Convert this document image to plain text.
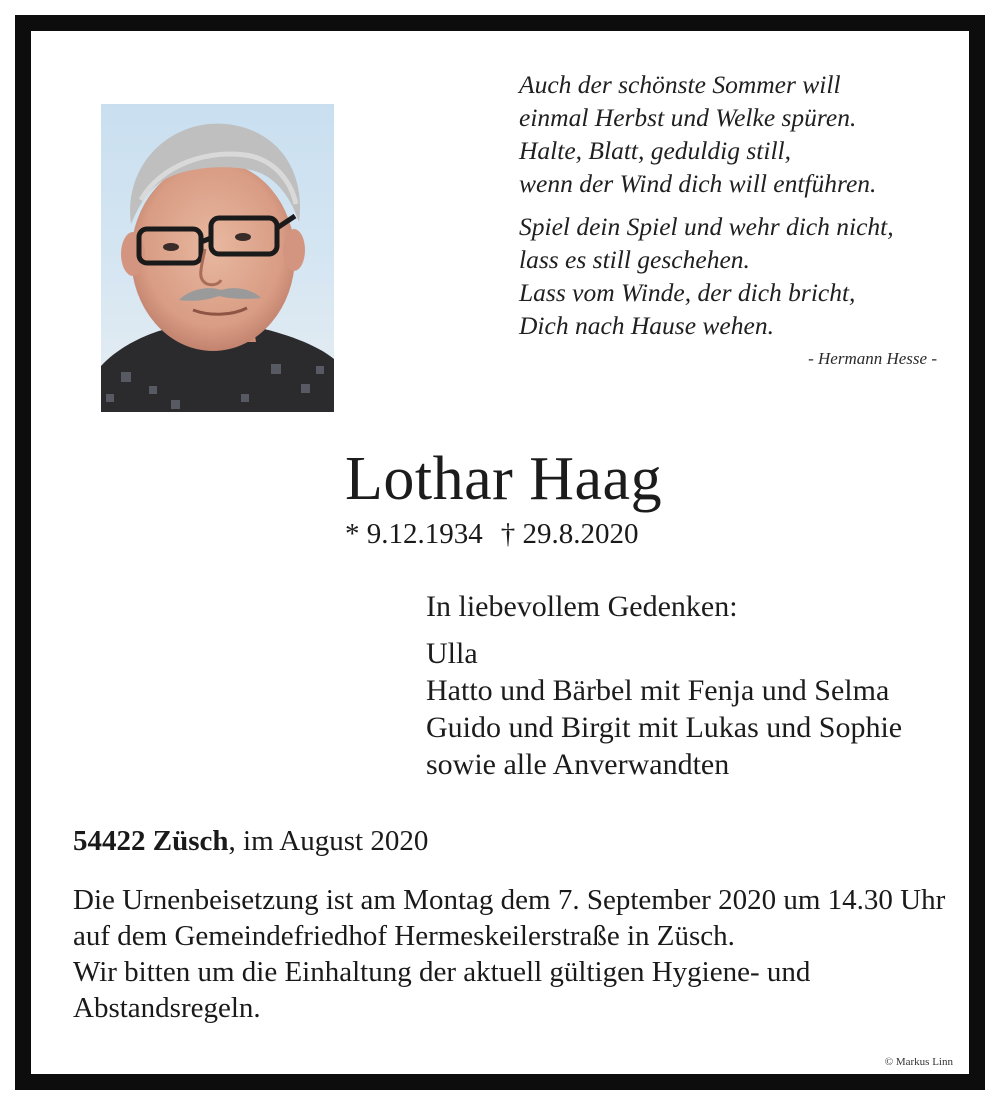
Auch der schönste Sommer will
einmal Herbst und Welke spüren.
Halte, Blatt, geduldig still,
wenn der Wind dich will entführen.
Spiel dein Spiel und wehr dich nicht,
lass es still geschehen.
Lass vom Winde, der dich bricht,
Dich nach Hause wehen.
- Hermann Hesse -
Lothar Haag
* 9.12.1934 † 29.8.2020
In liebevollem Gedenken:
Ulla
Hatto und Bärbel mit Fenja und Selma
Guido und Birgit mit Lukas und Sophie
sowie alle Anverwandten
54422 Züsch, im August 2020

Die Urnenbeisetzung ist am Montag dem 7. September 2020 um 14.30 Uhr auf dem Gemeindefriedhof Hermeskeilerstraße in Züsch.

Wir bitten um die Einhaltung der aktuell gültigen Hygiene- und Abstandsregeln.

© Markus Linn
